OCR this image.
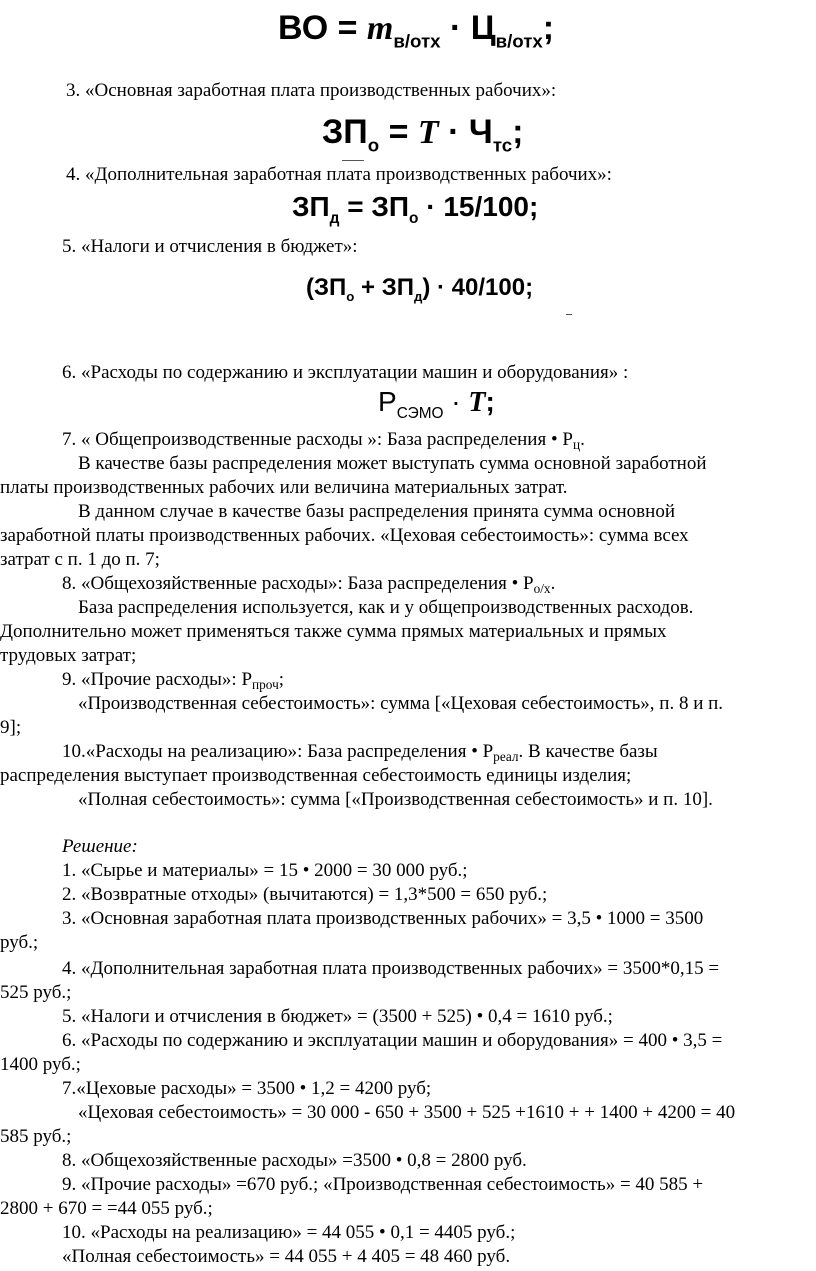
ВО = $m_{в/отх} \cdot Ц_{в/отх}$;
3. «Основная заработная плата производственных рабочих»:
$ЗП_о = T \cdot Ч_{тс}$;
4. «Дополнительная заработная плата производственных рабочих»:
$ЗП_д = ЗП_о \cdot 15/100$;
5. «Налоги и отчисления в бюджет»:
$(ЗП_о + ЗП_д) \cdot 40/100$;
6. «Расходы по содержанию и эксплуатации машин и оборудования» :
$Р_{СЭМО} \cdot T$;
7. « Общепроизводственные расходы »: База распределения • $Р_ц$.
В качестве базы распределения может выступать сумма основной заработной
платы производственных рабочих или величина материальных затрат.
В данном случае в качестве базы распределения принята сумма основной
заработной платы производственных рабочих. «Цеховая себестоимость»: сумма всех
затрат с п. 1 до п. 7;
8. «Общехозяйственные расходы»: База распределения • $Р_{о/х}$.
База распределения используется, как и у общепроизводственных расходов.
Дополнительно может применяться также сумма прямых материальных и прямых
трудовых затрат;
9. «Прочие расходы»: $Р_{проч}$;
«Производственная себестоимость»: сумма [«Цеховая себестоимость», п. 8 и п.
9];
10.«Расходы на реализацию»: База распределения • $Р_{реал}$. В качестве базы
распределения выступает производственная себестоимость единицы изделия;
«Полная себестоимость»: сумма [«Производственная себестоимость» и п. 10].
Решение:
1. «Сырье и материалы» = 15 • 2000 = 30 000 руб.;
2. «Возвратные отходы» (вычитаются) = 1,3*500 = 650 руб.;
3. «Основная заработная плата производственных рабочих» = 3,5 • 1000 = 3500
руб.;
4. «Дополнительная заработная плата производственных рабочих» = 3500*0,15 =
525 руб.;
5. «Налоги и отчисления в бюджет» = (3500 + 525) • 0,4 = 1610 руб.;
6. «Расходы по содержанию и эксплуатации машин и оборудования» = 400 • 3,5 =
1400 руб.;
7.«Цеховые расходы» = 3500 • 1,2 = 4200 руб;
«Цеховая себестоимость» = 30 000 - 650 + 3500 + 525 +1610 + + 1400 + 4200 = 40
585 руб.;
8. «Общехозяйственные расходы» =3500 • 0,8 = 2800 руб.
9. «Прочие расходы» =670 руб.; «Производственная себестоимость» = 40 585 +
2800 + 670 = =44 055 руб.;
10. «Расходы на реализацию» = 44 055 • 0,1 = 4405 руб.;
«Полная себестоимость» = 44 055 + 4 405 = 48 460 руб.
